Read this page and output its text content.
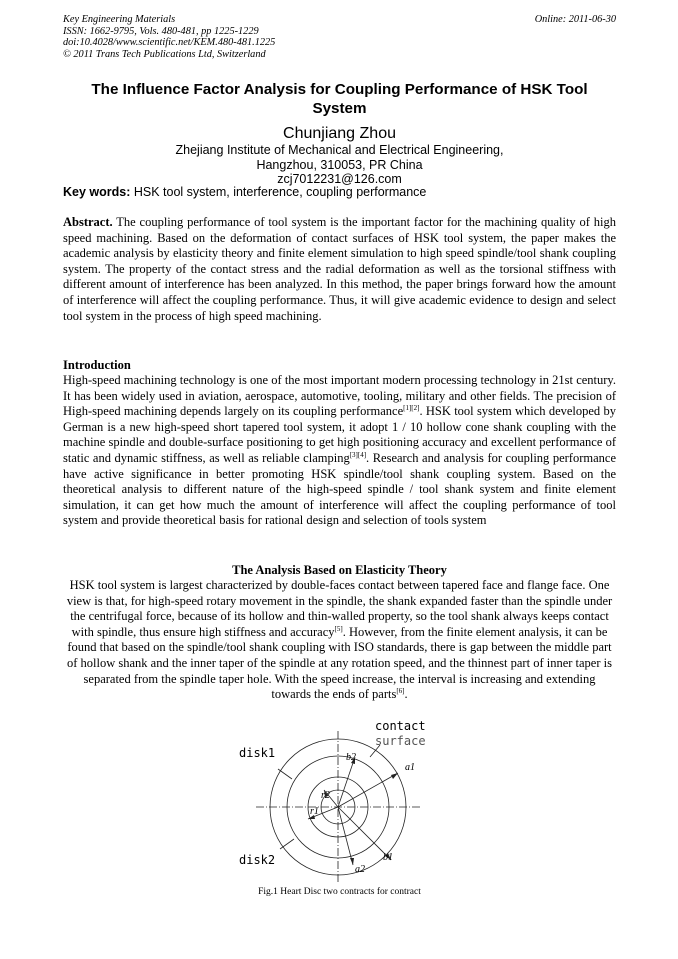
Key Engineering Materials
ISSN: 1662-9795, Vols. 480-481, pp 1225-1229
doi:10.4028/www.scientific.net/KEM.480-481.1225
© 2011 Trans Tech Publications Ltd, Switzerland
Online: 2011-06-30
The Influence Factor Analysis for Coupling Performance of HSK Tool System
Chunjiang Zhou
Zhejiang Institute of Mechanical and Electrical Engineering,
Hangzhou, 310053, PR China
zcj7012231@126.com
Key words: HSK tool system, interference, coupling performance

Abstract. The coupling performance of tool system is the important factor for the machining quality of high speed machining. Based on the deformation of contact surfaces of HSK tool system, the paper makes the academic analysis by elasticity theory and finite element simulation to high speed spindle/tool shank coupling system. The property of the contact stress and the radial deformation as well as the torsional stiffness with different amount of interference has been analyzed. In this method, the paper brings forward how the amount of interference will affect the coupling performance. Thus, it will give academic evidence to design and select tool system in the process of high speed machining.

Introduction

High-speed machining technology is one of the most important modern processing technology in 21st century. It has been widely used in aviation, aerospace, automotive, tooling, military and other fields. The precision of High-speed machining depends largely on its coupling performance[1][2]. HSK tool system which developed by German is a new high-speed short tapered tool system, it adopt 1 / 10 hollow cone shank coupling with the machine spindle and double-surface positioning to get high positioning accuracy and excellent performance of static and dynamic stiffness, as well as reliable clamping[3][4]. Research and analysis for coupling performance have active significance in better promoting HSK spindle/tool shank coupling system. Based on the theoretical analysis to different nature of the high-speed spindle / tool shank system and finite element simulation, it can get how much the amount of interference will affect the coupling performance of tool system and provide theoretical basis for rational design and selection of tools system

The Analysis Based on Elasticity Theory

HSK tool system is largest characterized by double-faces contact between tapered face and flange face. One view is that, for high-speed rotary movement in the spindle, the shank expanded faster than the spindle under the centrifugal force, because of its hollow and thin-walled property, so the tool shank always keeps contact with spindle, thus ensure high stiffness and accuracy[5]. However, from the finite element analysis, it can be found that based on the spindle/tool shank coupling with ISO standards, there is gap between the middle part of hollow shank and the inner taper of the spindle at any rotation speed, and the thinnest part of inner taper is separated from the spindle taper hole. With the speed increase, the interval is increasing and extending towards the ends of parts[6].

contact
surface
disk1
disk2
a1
b1
b2
a2
r1
r2
Fig.1 Heart Disc two contracts for contract
